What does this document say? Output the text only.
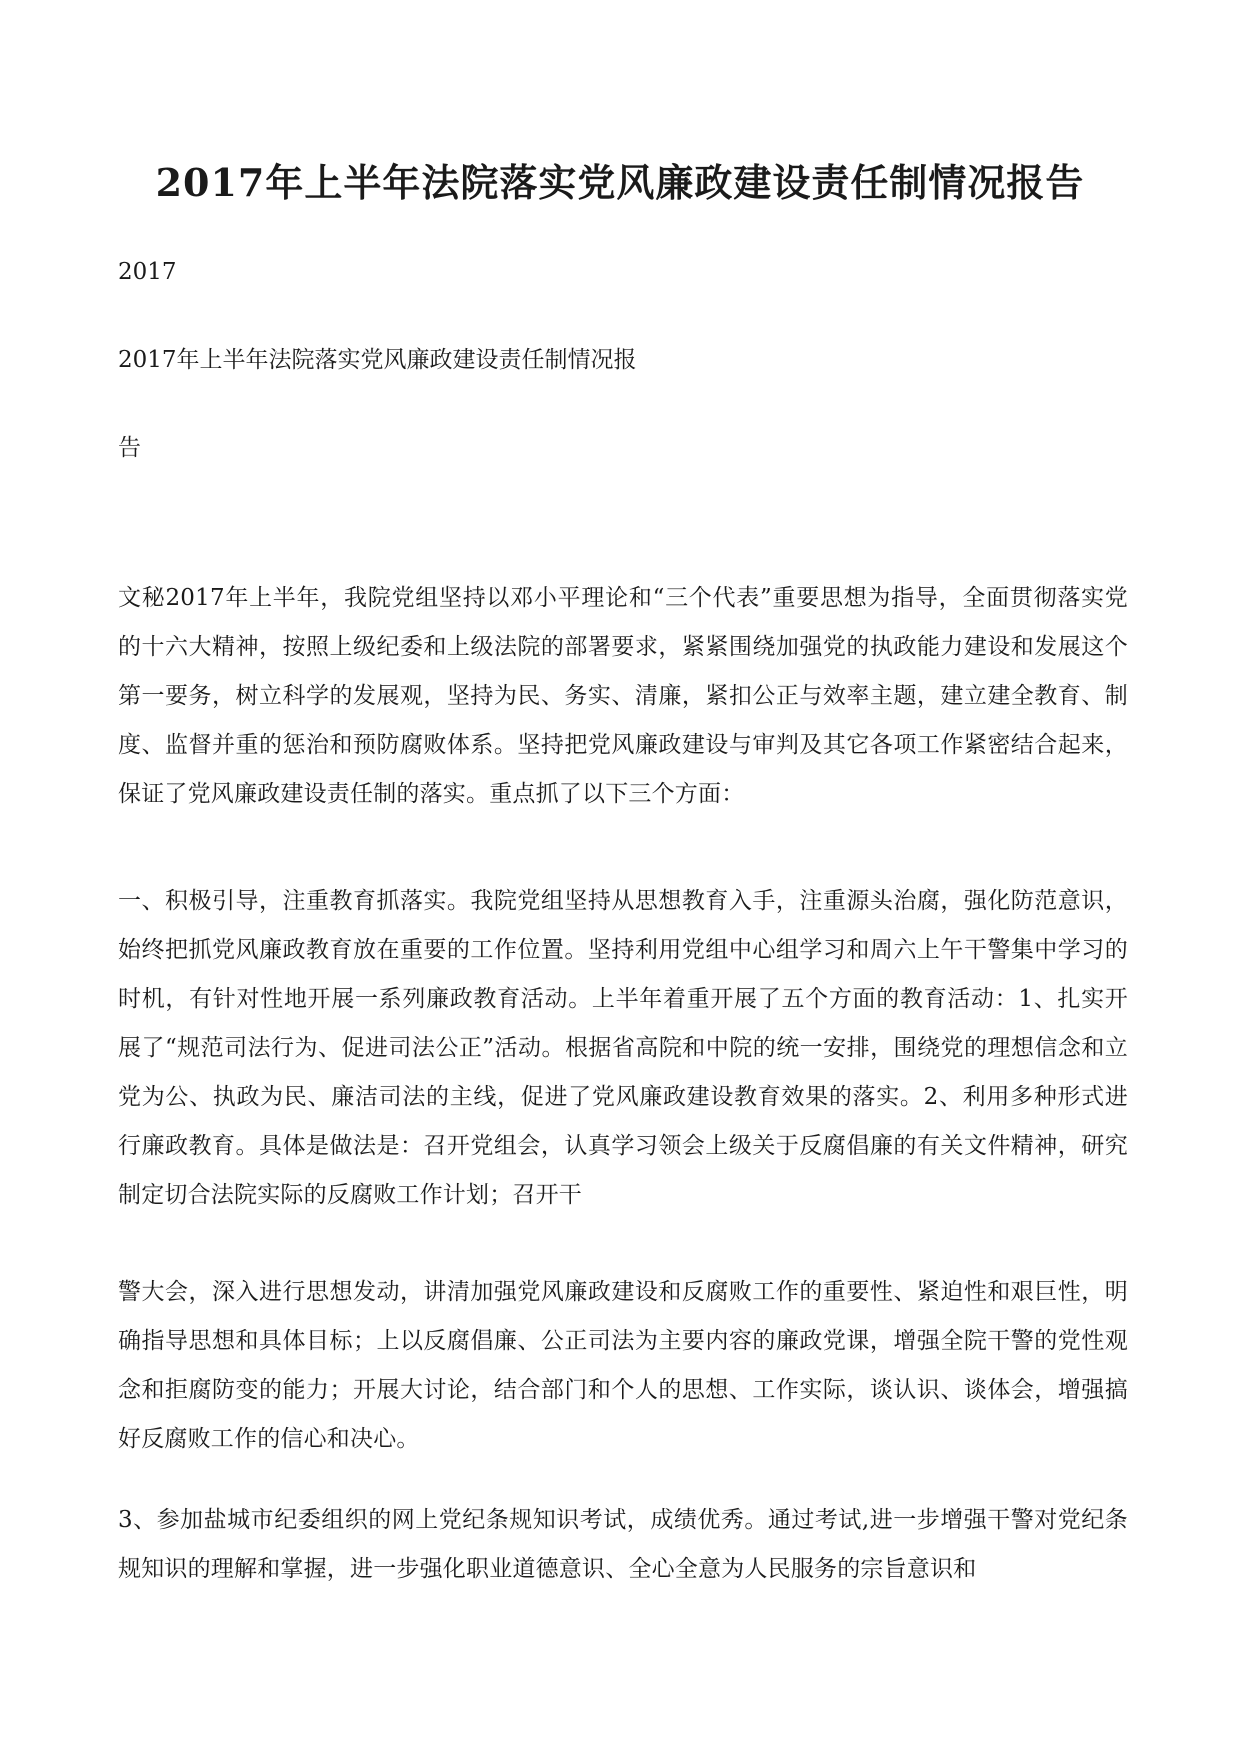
2017年上半年法院落实党风廉政建设责任制情况报告
2017
2017年上半年法院落实党风廉政建设责任制情况报
告
文秘2017年上半年，我院党组坚持以邓小平理论和“三个代表”重要思想为指导，全面贯彻落实党的十六大精神，按照上级纪委和上级法院的部署要求，紧紧围绕加强党的执政能力建设和发展这个第一要务，树立科学的发展观，坚持为民、务实、清廉，紧扣公正与效率主题，建立建全教育、制度、监督并重的惩治和预防腐败体系。坚持把党风廉政建设与审判及其它各项工作紧密结合起来，保证了党风廉政建设责任制的落实。重点抓了以下三个方面：
一、积极引导，注重教育抓落实。我院党组坚持从思想教育入手，注重源头治腐，强化防范意识，始终把抓党风廉政教育放在重要的工作位置。坚持利用党组中心组学习和周六上午干警集中学习的时机，有针对性地开展一系列廉政教育活动。上半年着重开展了五个方面的教育活动：1、扎实开展了“规范司法行为、促进司法公正”活动。根据省高院和中院的统一安排，围绕党的理想信念和立党为公、执政为民、廉洁司法的主线，促进了党风廉政建设教育效果的落实。2、利用多种形式进行廉政教育。具体是做法是：召开党组会，认真学习领会上级关于反腐倡廉的有关文件精神，研究制定切合法院实际的反腐败工作计划；召开干
警大会，深入进行思想发动，讲清加强党风廉政建设和反腐败工作的重要性、紧迫性和艰巨性，明确指导思想和具体目标；上以反腐倡廉、公正司法为主要内容的廉政党课，增强全院干警的党性观念和拒腐防变的能力；开展大讨论，结合部门和个人的思想、工作实际，谈认识、谈体会，增强搞好反腐败工作的信心和决心。
3、参加盐城市纪委组织的网上党纪条规知识考试，成绩优秀。通过考试,进一步增强干警对党纪条规知识的理解和掌握，进一步强化职业道德意识、全心全意为人民服务的宗旨意识和
